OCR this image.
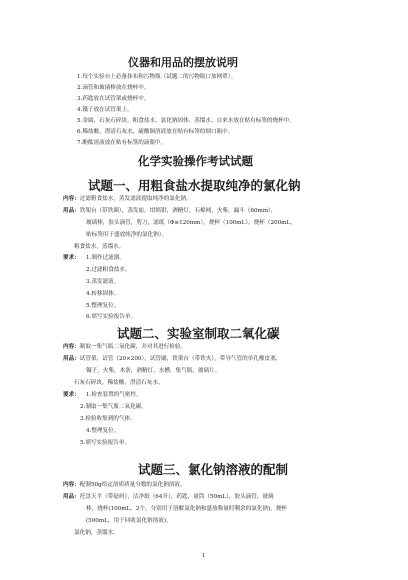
仪器和用品的摆放说明
1.每个实验台上必备抹布和污物瓶（试题二的污物瓶口加网罩）。
2.滴管和玻璃棒放在烧杯中。
3.药匙放在试管架或烧杯中。
4.镊子放在试管架上。
5.金属、石灰石碎块、粗食盐水、氯化钠固体、蒸馏水、自来水放在贴有标签的烧杯中。
6.稀盐酸、澄清石灰水、硫酸铜溶液放在贴有标签的细口瓶中。
7.酚酞溶液放在贴有标签的滴瓶中。
化学实验操作考试试题
试题一、用粗食盐水提取纯净的氯化钠
内容：过滤粗食盐水，蒸发滤液提取纯净的氯化钠。
用品：铁架台（带铁圈），蒸发皿，坩埚钳，酒精灯，石棉网，火柴，漏斗（60mm），
玻璃棒，胶头滴管，剪刀，滤纸（Φ≥120mm），烧杯（100mL），烧杯（200mL，
贴标签用于盛放纯净的氯化钠）。
粗食盐水，蒸馏水。
要求： 1.制作过滤器。
2.过滤粗食盐水。
3.蒸发滤液。
4.转移固体。
5.整理复位。
6.填写实验报告单。
试题二、实验室制取二氧化碳
内容：制取一集气瓶二氧化碳，并对其进行检验。
用品：试管架，试管（20×200），试管刷，铁架台（带铁夹），带导气管的单孔橡皮塞，
镊子，火柴，木条，酒精灯，水槽，集气瓶，玻璃片。
石灰石碎块，稀盐酸，澄清石灰水。
要求： 1.检查装置的气密性。
2.制取一集气瓶二氧化碳。
3.检验收集到的气体。
4.整理复位。
5.填写实验报告单。
试题三、氯化钠溶液的配制
内容：配制50g给定溶质质量分数的氯化钠溶液。
用品：托盘天平（带砝码），洁净纸（64开），药匙，量筒（50mL），胶头滴管，玻璃
棒，烧杯(100mL，2个，分别用于溶解氯化钠和盛放称量时剩余的氯化钠)，烧杯
(500mL，用于回收氯化钠溶液)。
氯化钠，蒸馏水。
1
